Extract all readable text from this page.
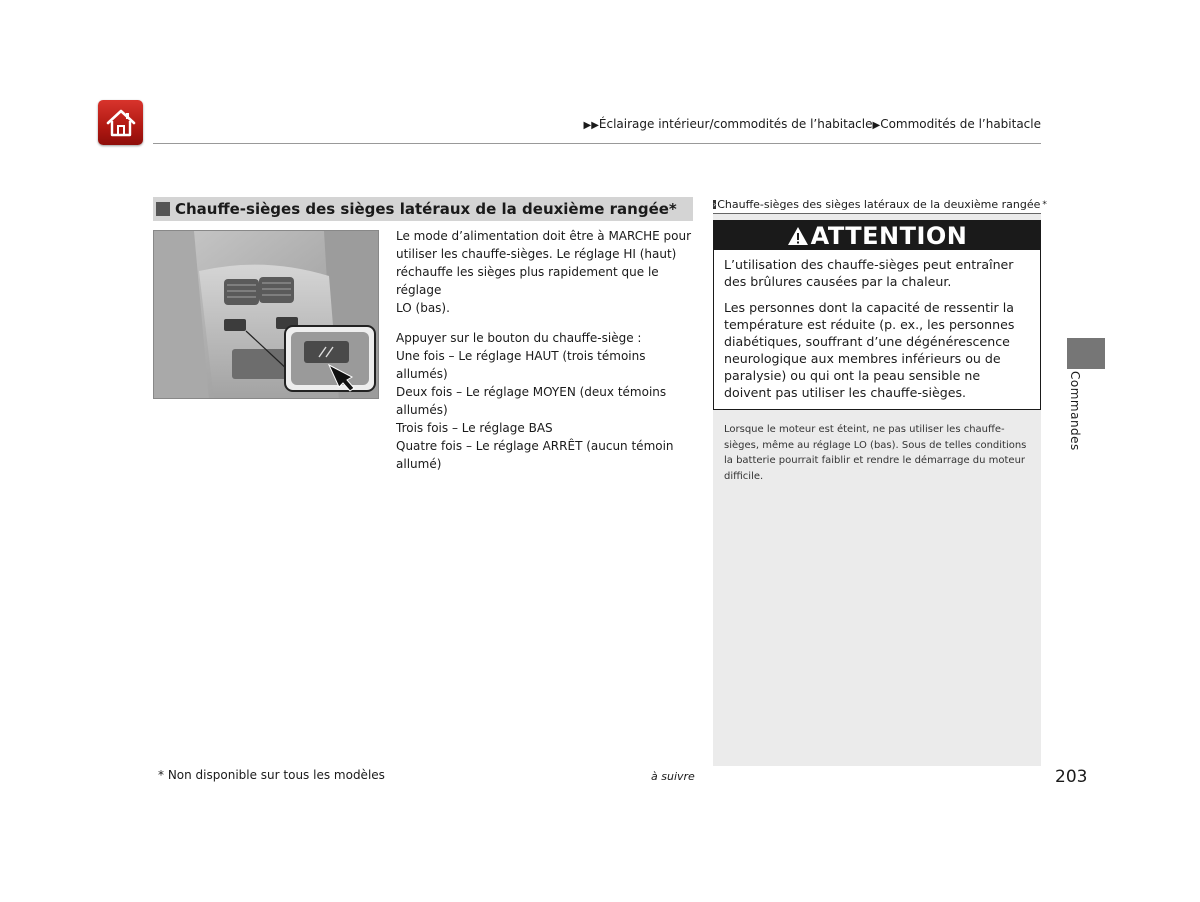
▶▶Éclairage intérieur/commodités de l’habitacle▶Commodités de l’habitacle
Chauffe-sièges des sièges latéraux de la deuxième rangée *

Le mode d’alimentation doit être à MARCHE pour
utiliser les chauffe-sièges. Le réglage HI (haut)
réchauffe les sièges plus rapidement que le réglage
LO (bas).

Appuyer sur le bouton du chauffe-siège :
Une fois – Le réglage HAUT (trois témoins allumés)
Deux fois – Le réglage MOYEN (deux témoins
allumés)
Trois fois – Le réglage BAS
Quatre fois – Le réglage ARRÊT (aucun témoin
allumé)

› Chauffe-sièges des sièges latéraux de la deuxième rangée *
ATTENTION

L’utilisation des chauffe-sièges peut entraîner des brûlures causées par la chaleur.

Les personnes dont la capacité de ressentir la température est réduite (p. ex., les personnes diabétiques, souffrant d’une dégénérescence neurologique aux membres inférieurs ou de paralysie) ou qui ont la peau sensible ne doivent pas utiliser les chauffe-sièges.

Lorsque le moteur est éteint, ne pas utiliser les chauffe-
sièges, même au réglage LO (bas). Sous de telles conditions
la batterie pourrait faiblir et rendre le démarrage du moteur
difficile.
Commandes
* Non disponible sur tous les modèles	à suivre	203
